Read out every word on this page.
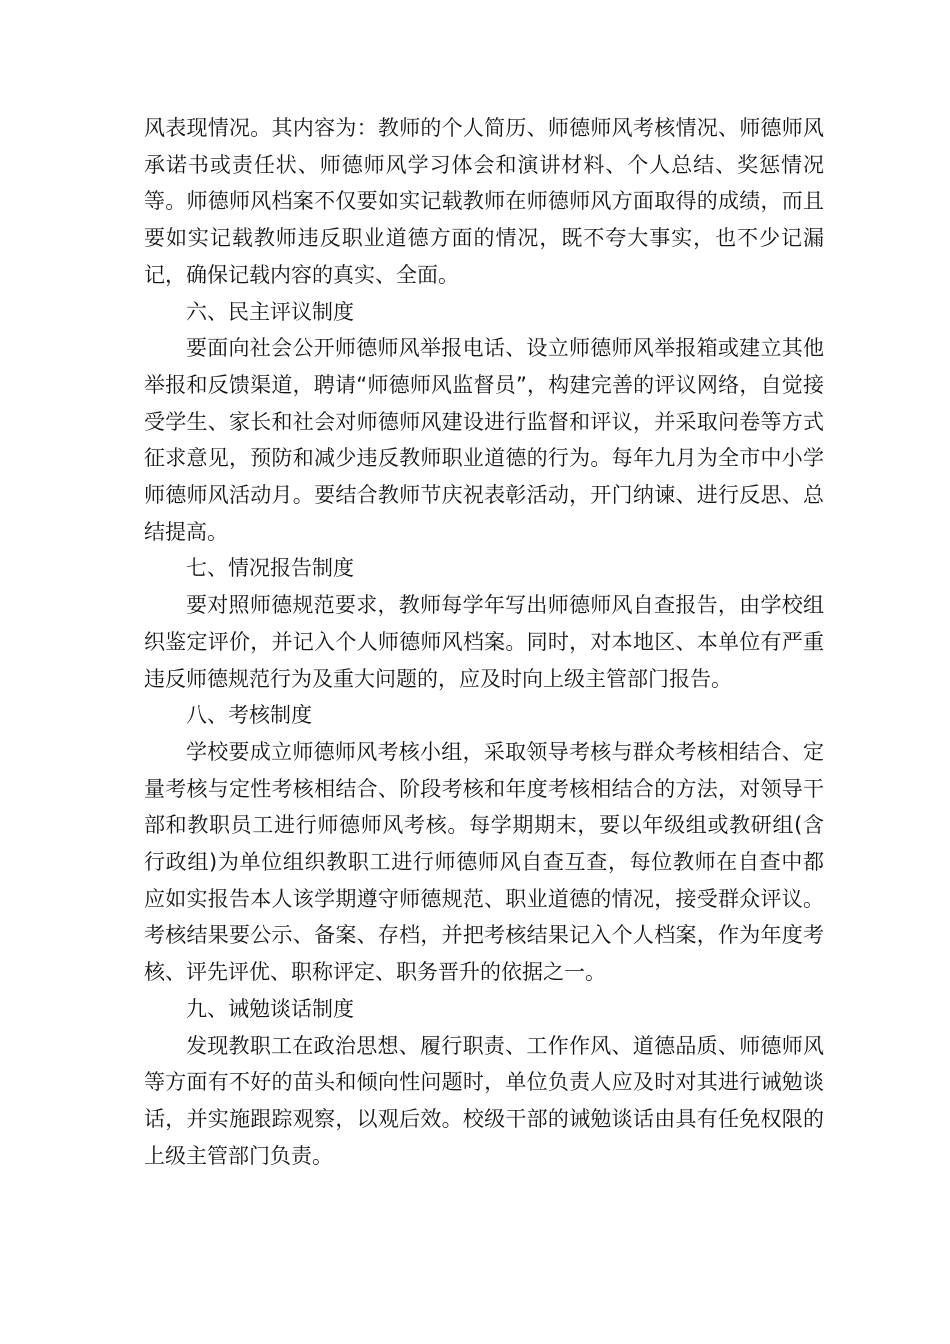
风表现情况。其内容为：教师的个人简历、师德师风考核情况、师德师风承诺书或责任状、师德师风学习体会和演讲材料、个人总结、奖惩情况等。师德师风档案不仅要如实记载教师在师德师风方面取得的成绩，而且要如实记载教师违反职业道德方面的情况，既不夸大事实，也不少记漏记，确保记载内容的真实、全面。

六、民主评议制度

要面向社会公开师德师风举报电话、设立师德师风举报箱或建立其他举报和反馈渠道，聘请“师德师风监督员”，构建完善的评议网络，自觉接受学生、家长和社会对师德师风建设进行监督和评议，并采取问卷等方式征求意见，预防和减少违反教师职业道德的行为。每年九月为全市中小学师德师风活动月。要结合教师节庆祝表彰活动，开门纳谏、进行反思、总结提高。

七、情况报告制度

要对照师德规范要求，教师每学年写出师德师风自查报告，由学校组织鉴定评价，并记入个人师德师风档案。同时，对本地区、本单位有严重违反师德规范行为及重大问题的，应及时向上级主管部门报告。

八、考核制度

学校要成立师德师风考核小组，采取领导考核与群众考核相结合、定量考核与定性考核相结合、阶段考核和年度考核相结合的方法，对领导干部和教职员工进行师德师风考核。每学期期末，要以年级组或教研组(含行政组)为单位组织教职工进行师德师风自查互查，每位教师在自查中都应如实报告本人该学期遵守师德规范、职业道德的情况，接受群众评议。考核结果要公示、备案、存档，并把考核结果记入个人档案，作为年度考核、评先评优、职称评定、职务晋升的依据之一。

九、诫勉谈话制度

发现教职工在政治思想、履行职责、工作作风、道德品质、师德师风等方面有不好的苗头和倾向性问题时，单位负责人应及时对其进行诫勉谈话，并实施跟踪观察，以观后效。校级干部的诫勉谈话由具有任免权限的上级主管部门负责。
